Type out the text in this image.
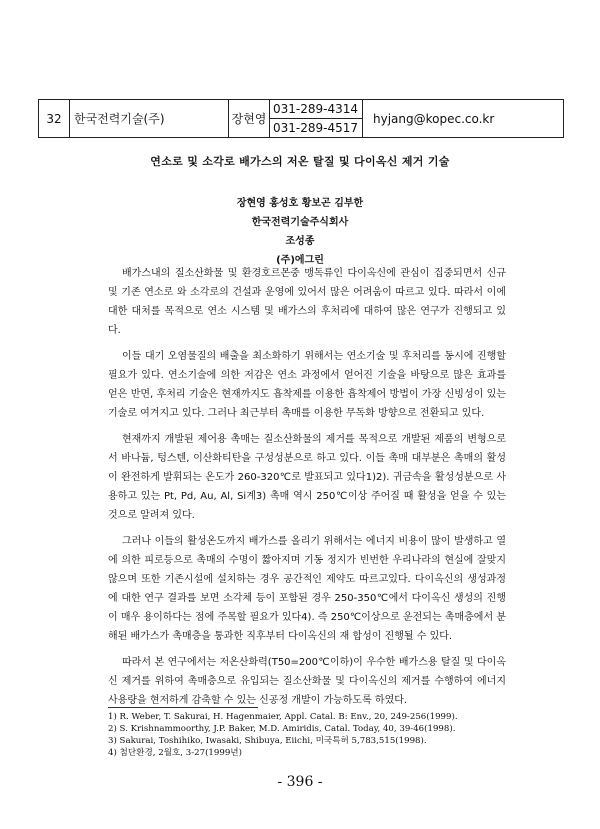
32	한국전력기술(주)	장현영	031-289-4314	hyjang@kopec.co.kr
031-289-4517
연소로 및 소각로 배가스의 저온 탈질 및 다이옥신 제거 기술
장현영 홍성호 황보곤 김부한
한국전력기술주식회사
조성종
(주)에그린

배가스내의 질소산화물 및 환경호르몬중 맹독류인 다이옥신에 관심이 집중되면서 신규 및 기존 연소로 와 소각로의 건설과 운영에 있어서 많은 어려움이 따르고 있다. 따라서 이에 대한 대처를 목적으로 연소 시스템 및 배가스의 후처리에 대하여 많은 연구가 진행되고 있다.

이들 대기 오염물질의 배출을 최소화하기 위해서는 연소기술 및 후처리를 동시에 진행할 필요가 있다. 연소기술에 의한 저감은 연소 과정에서 얻어진 기술을 바탕으로 많은 효과를 얻은 반면, 후처리 기술은 현재까지도 흡착제를 이용한 흡착제어 방법이 가장 신빙성이 있는 기술로 여겨지고 있다. 그러나 최근부터 촉매를 이용한 무독화 방향으로 전환되고 있다.

현재까지 개발된 제어용 촉매는 질소산화물의 제거를 목적으로 개발된 제품의 변형으로서 바나듐, 텅스텐, 이산화티탄을 구성성분으로 하고 있다. 이들 촉매 대부분은 촉매의 활성이 완전하게 발휘되는 온도가 260-320℃로 발표되고 있다1)2). 귀금속을 활성성분으로 사용하고 있는 Pt, Pd, Au, Al, Si계3) 촉매 역시 250℃이상 주어질 때 활성을 얻을 수 있는 것으로 알려져 있다.

그러나 이들의 활성온도까지 배가스를 올리기 위해서는 에너지 비용이 많이 발생하고 열에 의한 피로등으로 촉매의 수명이 짧아지며 기동 정지가 빈번한 우리나라의 현실에 잘맞지않으며 또한 기존시설에 설치하는 경우 공간적인 제약도 따르고있다. 다이옥신의 생성과정에 대한 연구 결과를 보면 소각체 등이 포함된 경우 250-350℃에서 다이옥신 생성의 진행이 매우 용이하다는 점에 주목할 필요가 있다4). 즉 250℃이상으로 운전되는 촉매층에서 분해된 배가스가 촉매층을 통과한 직후부터 다이옥신의 재 합성이 진행될 수 있다.

따라서 본 연구에서는 저온산화력(T50=200℃이하)이 우수한 배가스용 탈질 및 다이옥신 제거를 위하여 촉매층으로 유입되는 질소산화물 및 다이옥신의 제거를 수행하여 에너지 사용량을 현저하게 감축할 수 있는 신공정 개발이 가능하도록 하였다.

1) R. Weber, T. Sakurai, H. Hagenmaier, Appl. Catal. B: Env., 20, 249-256(1999).
2) S. Krishnammoorthy, J.P. Baker, M.D. Amiridis, Catal. Today, 40, 39-46(1998).
3) Sakurai, Toshihiko, Iwasaki, Shibuya, Eiichi, 미국특허 5,783,515(1998).
4) 첨단환경, 2월호, 3-27(1999년)
- 396 -
